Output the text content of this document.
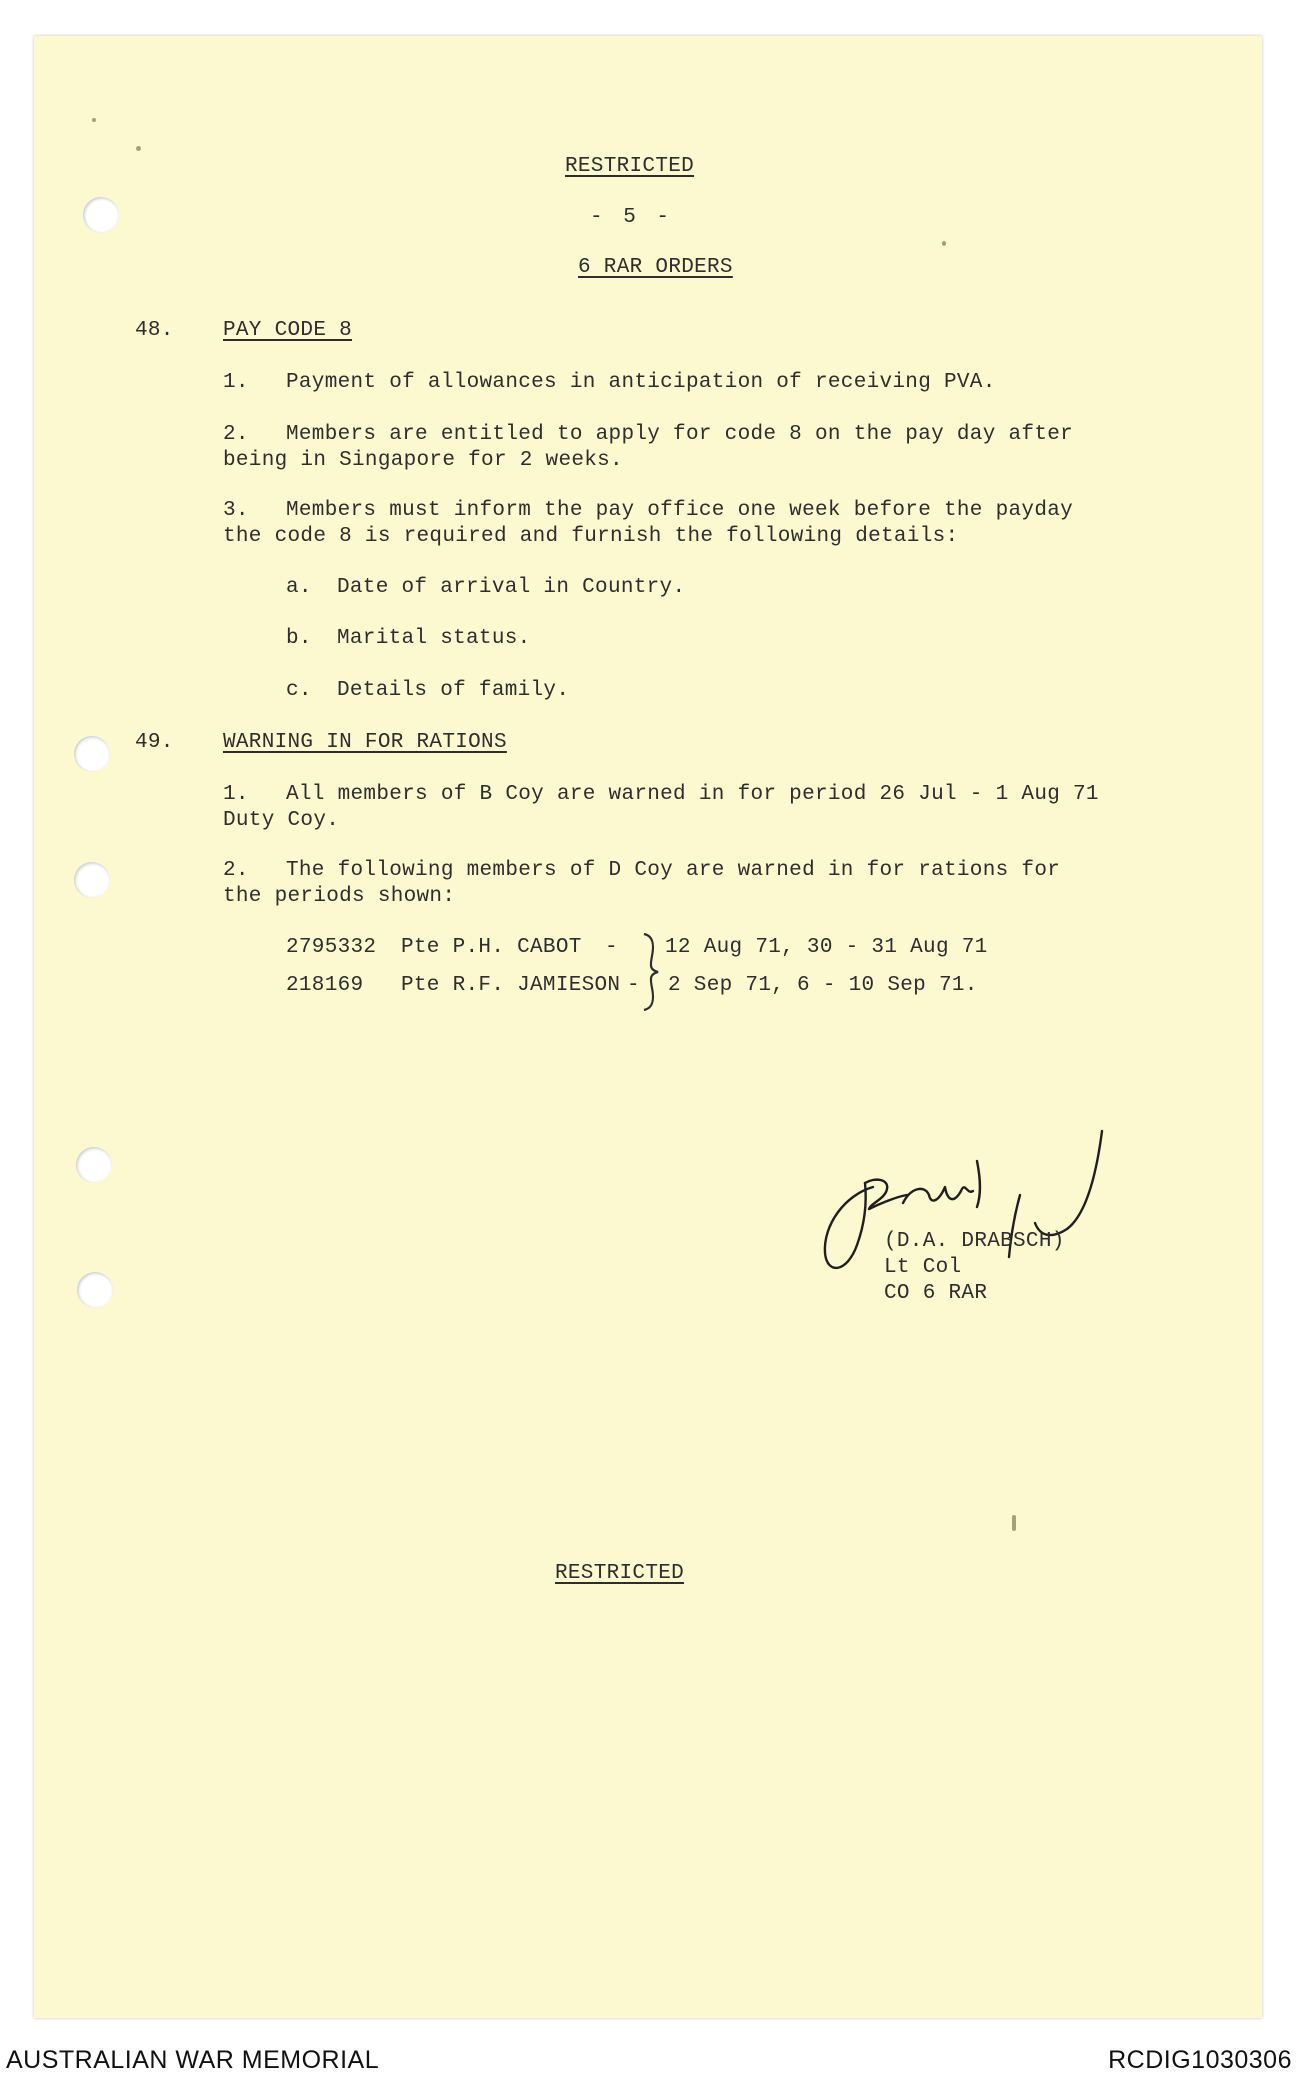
RESTRICTED
- 5 -
6 RAR ORDERS
48. PAY CODE 8
1. Payment of allowances in anticipation of receiving PVA.
2. Members are entitled to apply for code 8 on the pay day after
being in Singapore for 2 weeks.
3. Members must inform the pay office one week before the payday
the code 8 is required and furnish the following details:
a. Date of arrival in Country.
b. Marital status.
c. Details of family.
49. WARNING IN FOR RATIONS
1. All members of B Coy are warned in for period 26 Jul - 1 Aug 71
Duty Coy.
2. The following members of D Coy are warned in for rations for
the periods shown:
2795332 Pte P.H. CABOT -
218169 Pte R.F. JAMIESON -
12 Aug 71, 30 - 31 Aug 71
2 Sep 71, 6 - 10 Sep 71.
(D.A. DRABSCH)
Lt Col
CO 6 RAR
RESTRICTED
AUSTRALIAN WAR MEMORIAL	RCDIG1030306
